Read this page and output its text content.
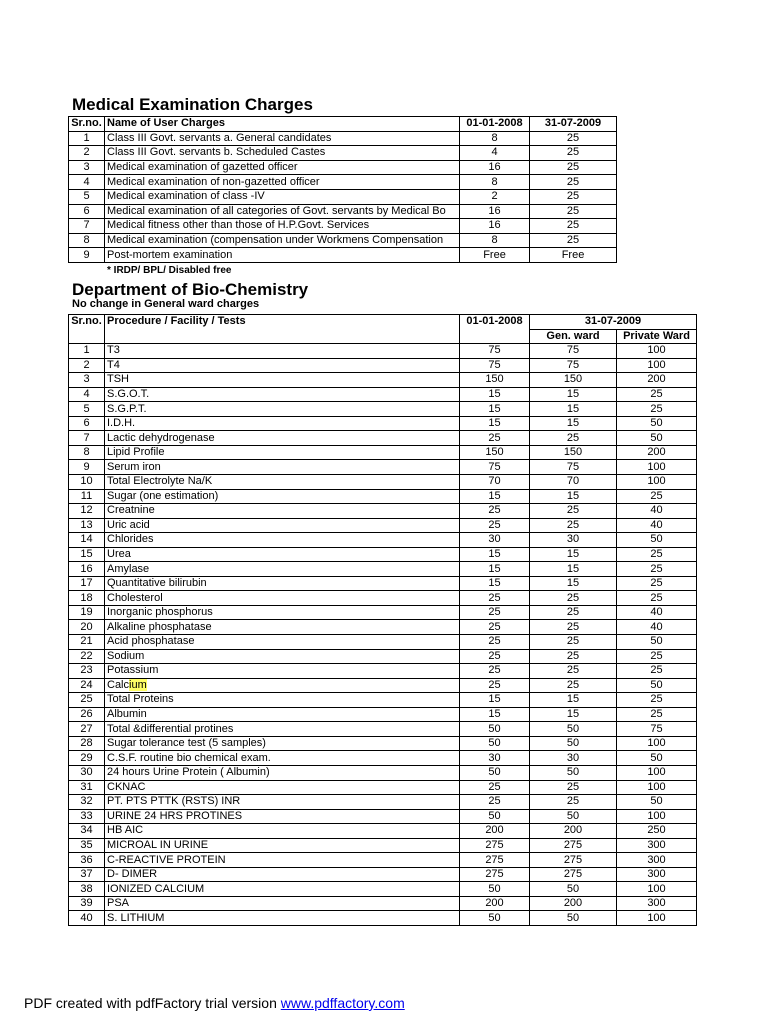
Medical Examination Charges
Sr.no.	Name of User Charges	01-01-2008	31-07-2009
1	Class III Govt. servants a. General candidates	8	25
2	Class III Govt. servants b. Scheduled Castes	4	25
3	Medical examination of gazetted officer	16	25
4	Medical examination of non-gazetted officer	8	25
5	Medical examination of class -IV	2	25
6	Medical examination of all categories of Govt. servants by Medical Bo	16	25
7	Medical fitness other than those of H.P.Govt. Services	16	25
8	Medical examination (compensation under Workmens Compensation	8	25
9	Post-mortem examination	Free	Free
* IRDP/ BPL/ Disabled free
Department of Bio-Chemistry
No change in General ward charges
Sr.no.	Procedure / Facility / Tests	01-01-2008	31-07-2009	
			Gen. ward	Private Ward
1	T3	75	75	100
2	T4	75	75	100
3	TSH	150	150	200
4	S.G.O.T.	15	15	25
5	S.G.P.T.	15	15	25
6	I.D.H.	15	15	50
7	Lactic dehydrogenase	25	25	50
8	Lipid Profile	150	150	200
9	Serum iron	75	75	100
10	Total Electrolyte Na/K	70	70	100
11	Sugar (one estimation)	15	15	25
12	Creatnine	25	25	40
13	Uric acid	25	25	40
14	Chlorides	30	30	50
15	Urea	15	15	25
16	Amylase	15	15	25
17	Quantitative bilirubin	15	15	25
18	Cholesterol	25	25	25
19	Inorganic phosphorus	25	25	40
20	Alkaline phosphatase	25	25	40
21	Acid phosphatase	25	25	50
22	Sodium	25	25	25
23	Potassium	25	25	25
24	Calcium	25	25	50
25	Total Proteins	15	15	25
26	Albumin	15	15	25
27	Total &differential protines	50	50	75
28	Sugar tolerance test (5 samples)	50	50	100
29	C.S.F. routine bio chemical exam.	30	30	50
30	24 hours Urine Protein ( Albumin)	50	50	100
31	CKNAC	25	25	100
32	PT. PTS PTTK (RSTS) INR	25	25	50
33	URINE 24 HRS PROTINES	50	50	100
34	HB AIC	200	200	250
35	MICROAL IN URINE	275	275	300
36	C-REACTIVE PROTEIN	275	275	300
37	D- DIMER	275	275	300
38	IONIZED CALCIUM	50	50	100
39	PSA	200	200	300
40	S. LITHIUM	50	50	100
PDF created with pdfFactory trial version www.pdffactory.com
